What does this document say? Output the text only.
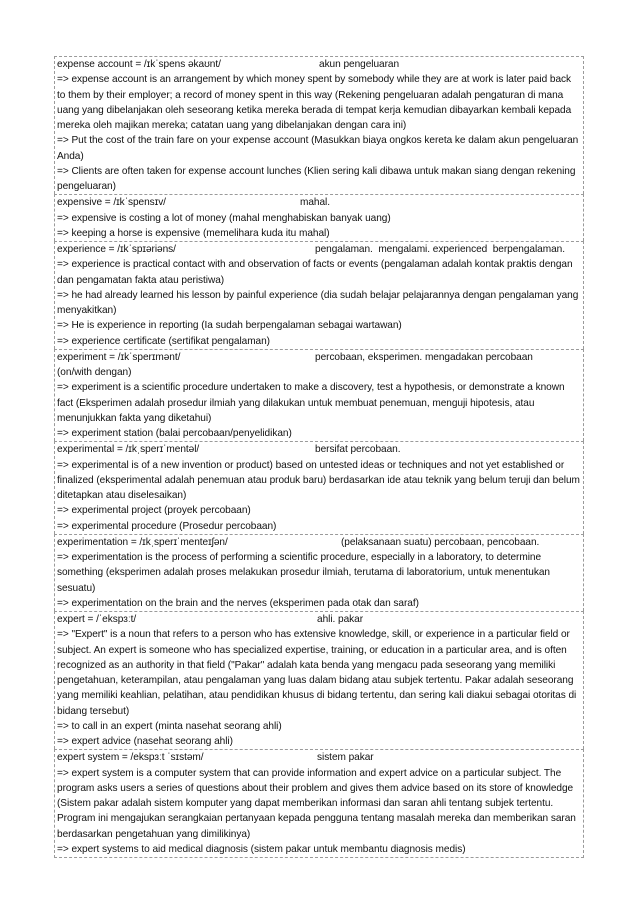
expense account = /ɪkˈspens əkaʊnt/	akun pengeluaran

=> expense account is an arrangement by which money spent by somebody while they are at work is later paid back to them by their employer; a record of money spent in this way (Rekening pengeluaran adalah pengaturan di mana uang yang dibelanjakan oleh seseorang ketika mereka berada di tempat kerja kemudian dibayarkan kembali kepada mereka oleh majikan mereka; catatan uang yang dibelanjakan dengan cara ini)

=> Put the cost of the train fare on your expense account (Masukkan biaya ongkos kereta ke dalam akun pengeluaran Anda)

=> Clients are often taken for expense account lunches (Klien sering kali dibawa untuk makan siang dengan rekening pengeluaran)

expensive = /ɪkˈspensɪv/	mahal.

=> expensive is costing a lot of money (mahal menghabiskan banyak uang)

=> keeping a horse is expensive (memelihara kuda itu mahal)

experience = /ɪkˈspɪəriəns/	pengalaman.  mengalami. experienced  berpengalaman.

=> experience is practical contact with and observation of facts or events (pengalaman adalah kontak praktis dengan dan pengamatan fakta atau peristiwa)

=> he had already learned his lesson by painful experience (dia sudah belajar pelajarannya dengan pengalaman yang menyakitkan)

=> He is experience in reporting (Ia sudah berpengalaman sebagai wartawan)

=> experience certificate (sertifikat pengalaman)

experiment = /ɪkˈsperɪmənt/	percobaan, eksperimen. mengadakan percobaan

(on/with dengan)

=> experiment is a scientific procedure undertaken to make a discovery, test a hypothesis, or demonstrate a known fact (Eksperimen adalah prosedur ilmiah yang dilakukan untuk membuat penemuan, menguji hipotesis, atau menunjukkan fakta yang diketahui)

=> experiment station (balai percobaan/penyelidikan)

experimental = /ɪkˌsperɪˈmentəl/	bersifat percobaan.

=> experimental is of a new invention or product) based on untested ideas or techniques and not yet established or finalized (eksperimental adalah penemuan atau produk baru) berdasarkan ide atau teknik yang belum teruji dan belum ditetapkan atau diselesaikan)

=> experimental project (proyek percobaan)

=> experimental procedure (Prosedur percobaan)

experimentation = /ɪkˌsperɪˈmenteɪʃən/	(pelaksanaan suatu) percobaan, pencobaan.

=> experimentation is the process of performing a scientific procedure, especially in a laboratory, to determine something (eksperimen adalah proses melakukan prosedur ilmiah, terutama di laboratorium, untuk menentukan sesuatu)

=> experimentation on the brain and the nerves (eksperimen pada otak dan saraf)

expert = /ˈekspɜːt/	ahli. pakar

=> "Expert" is a noun that refers to a person who has extensive knowledge, skill, or experience in a particular field or subject. An expert is someone who has specialized expertise, training, or education in a particular area, and is often recognized as an authority in that field ("Pakar" adalah kata benda yang mengacu pada seseorang yang memiliki pengetahuan, keterampilan, atau pengalaman yang luas dalam bidang atau subjek tertentu. Pakar adalah seseorang yang memiliki keahlian, pelatihan, atau pendidikan khusus di bidang tertentu, dan sering kali diakui sebagai otoritas di bidang tersebut)

=> to call in an expert (minta nasehat seorang ahli)

=> expert advice (nasehat seorang ahli)

expert system = /ekspɜːt ˈsɪstəm/	sistem pakar

=> expert system is a computer system that can provide information and expert advice on a particular subject. The program asks users a series of questions about their problem and gives them advice based on its store of knowledge (Sistem pakar adalah sistem komputer yang dapat memberikan informasi dan saran ahli tentang subjek tertentu. Program ini mengajukan serangkaian pertanyaan kepada pengguna tentang masalah mereka dan memberikan saran berdasarkan pengetahuan yang dimilikinya)

=> expert systems to aid medical diagnosis (sistem pakar untuk membantu diagnosis medis)
